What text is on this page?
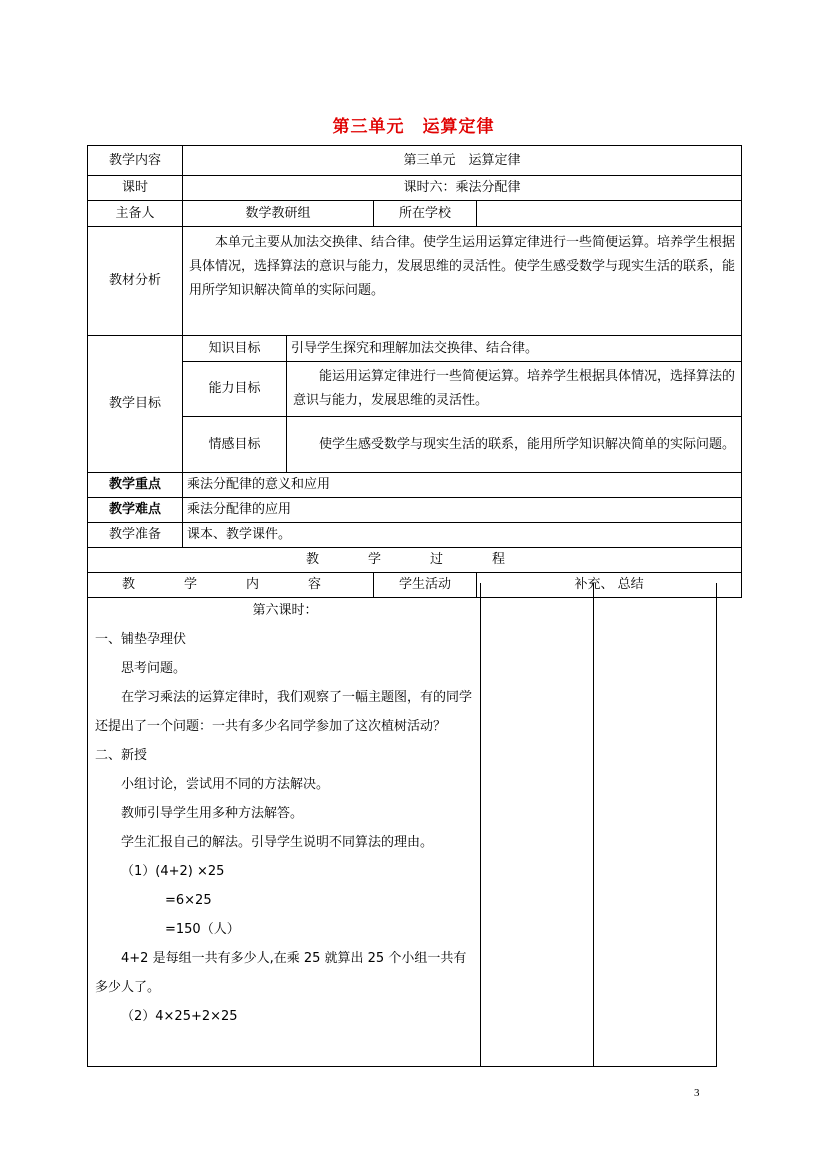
第三单元　运算定律
教学内容	第三单元　运算定律			
课时	课时六：乘法分配律			
主备人	数学教研组		所在学校	
教材分析	本单元主要从加法交换律、结合律。使学生运用运算定律进行一些简便运算。培养学生根据具体情况，选择算法的意识与能力，发展思维的灵活性。使学生感受数学与现实生活的联系，能用所学知识解决简单的实际问题。			
教学目标	知识目标	引导学生探究和理解加法交换律、结合律。		
	能力目标	能运用运算定律进行一些简便运算。培养学生根据具体情况，选择算法的意识与能力，发展思维的灵活性。		
	情感目标	使学生感受数学与现实生活的联系，能用所学知识解决简单的实际问题。		
教学重点	乘法分配律的意义和应用			
教学难点	乘法分配律的应用			
教学准备	课本、教学课件。			
教　学　过　程				
教　学　内　容			学生活动	补充、 总结

第六课时：

一、铺垫孕理伏

思考问题。

在学习乘法的运算定律时，我们观察了一幅主题图，有的同学还提出了一个问题：一共有多少名同学参加了这次植树活动？

二、新授

小组讨论，尝试用不同的方法解决。

教师引导学生用多种方法解答。

学生汇报自己的解法。引导学生说明不同算法的理由。

（1）(4+2) ×25

=6×25

=150（人）

4+2 是每组一共有多少人,在乘 25 就算出 25 个小组一共有多少人了。

（2）4×25+2×25

3
